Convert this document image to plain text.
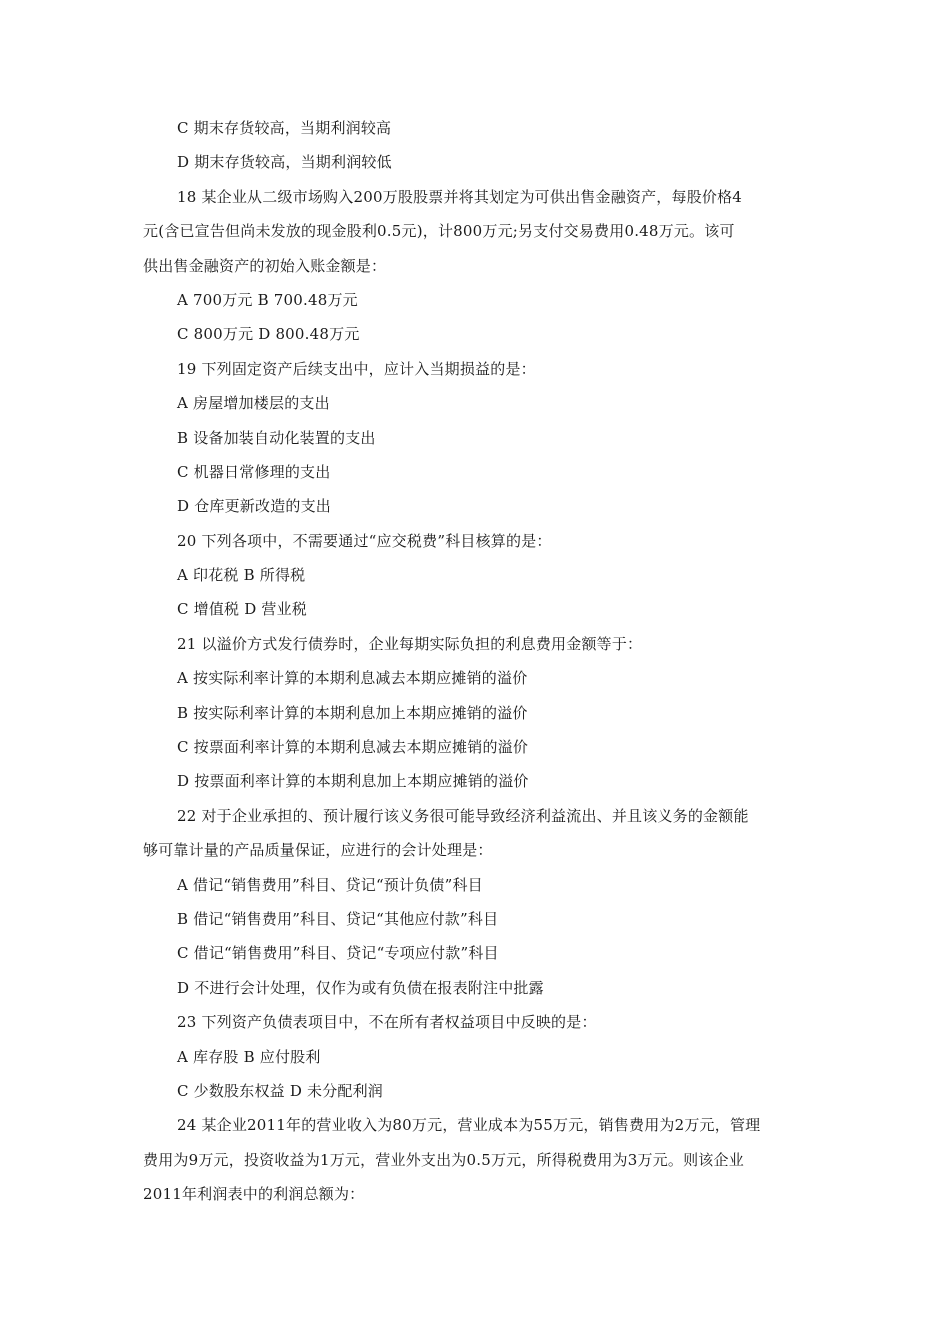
C 期末存货较高，当期利润较高
D 期末存货较高，当期利润较低
18 某企业从二级市场购入200万股股票并将其划定为可供出售金融资产，每股价格4
元(含已宣告但尚未发放的现金股利0.5元)，计800万元;另支付交易费用0.48万元。该可
供出售金融资产的初始入账金额是：
A 700万元 B 700.48万元
C 800万元 D 800.48万元
19 下列固定资产后续支出中，应计入当期损益的是：
A 房屋增加楼层的支出
B 设备加装自动化装置的支出
C 机器日常修理的支出
D 仓库更新改造的支出
20 下列各项中，不需要通过“应交税费”科目核算的是：
A 印花税 B 所得税
C 增值税 D 营业税
21 以溢价方式发行债券时，企业每期实际负担的利息费用金额等于：
A 按实际利率计算的本期利息减去本期应摊销的溢价
B 按实际利率计算的本期利息加上本期应摊销的溢价
C 按票面利率计算的本期利息减去本期应摊销的溢价
D 按票面利率计算的本期利息加上本期应摊销的溢价
22 对于企业承担的、预计履行该义务很可能导致经济利益流出、并且该义务的金额能
够可靠计量的产品质量保证，应进行的会计处理是：
A 借记“销售费用”科目、贷记“预计负债”科目
B 借记“销售费用”科目、贷记“其他应付款”科目
C 借记“销售费用”科目、贷记“专项应付款”科目
D 不进行会计处理，仅作为或有负债在报表附注中批露
23 下列资产负债表项目中，不在所有者权益项目中反映的是：
A 库存股 B 应付股利
C 少数股东权益 D 未分配利润
24 某企业2011年的营业收入为80万元，营业成本为55万元，销售费用为2万元，管理
费用为9万元，投资收益为1万元，营业外支出为0.5万元，所得税费用为3万元。则该企业
2011年利润表中的利润总额为：
